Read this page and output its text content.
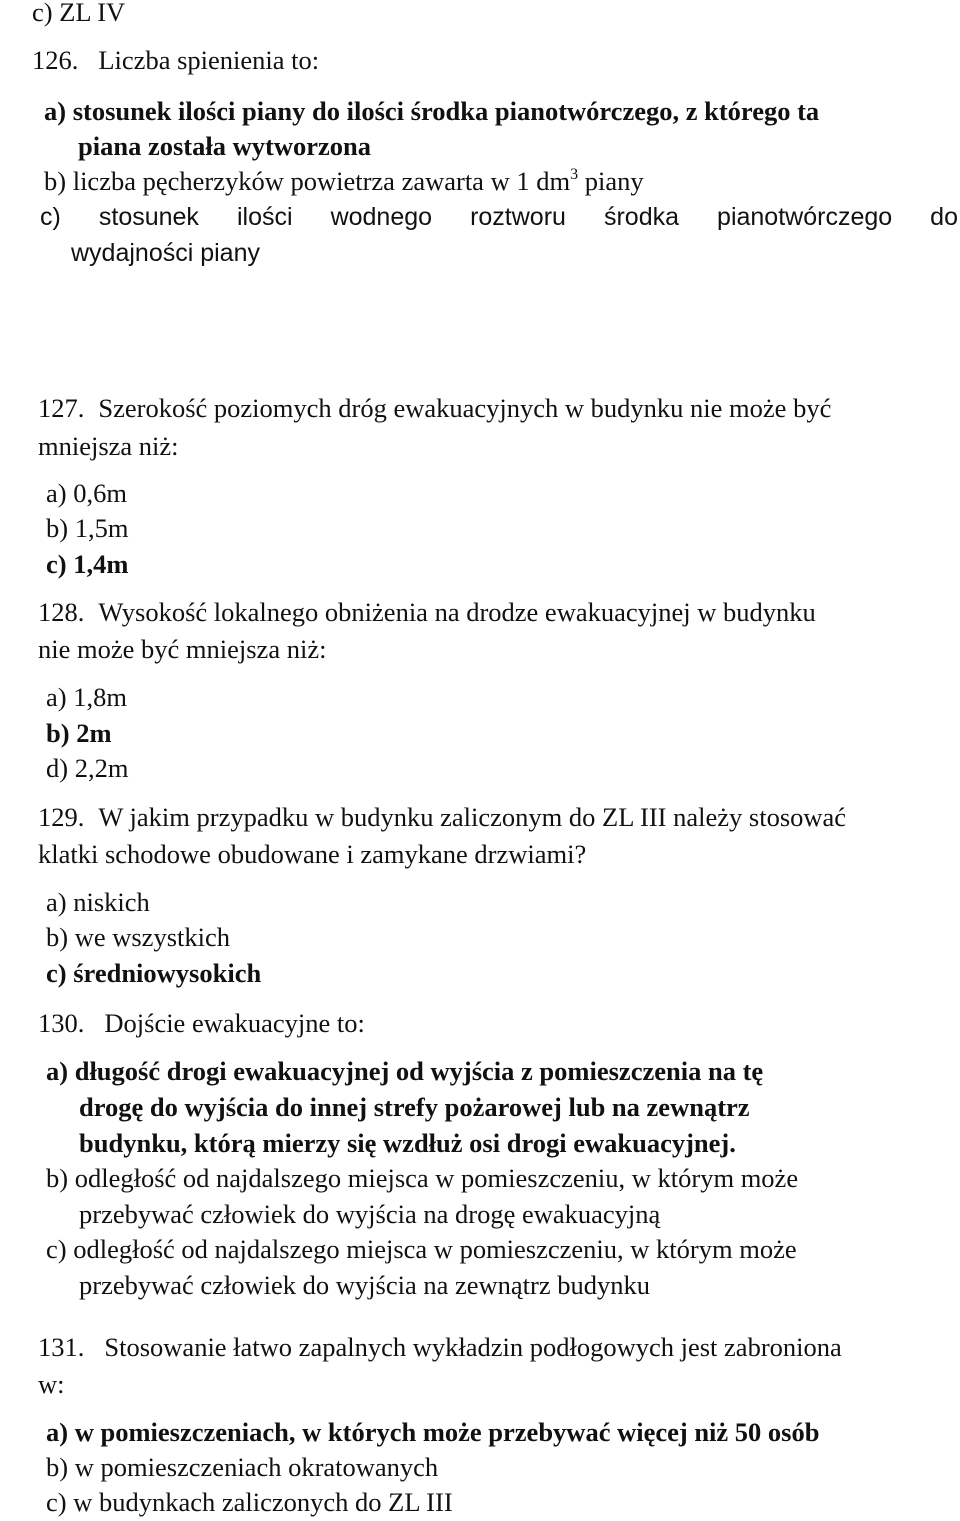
c) ZL IV
126. Liczba spienienia to:
a) stosunek ilości piany do ilości środka pianotwórczego, z którego ta
piana została wytworzona
b) liczba pęcherzyków powietrza zawarta w 1 $dm^3$ piany
c) stosunek ilości wodnego roztworu środka pianotwórczego do
wydajności piany
127. Szerokość poziomych dróg ewakuacyjnych w budynku nie może być
mniejsza niż:
a) 0,6m
b) 1,5m
c) 1,4m
128. Wysokość lokalnego obniżenia na drodze ewakuacyjnej w budynku
nie może być mniejsza niż:
a) 1,8m
b) 2m
d) 2,2m
129. W jakim przypadku w budynku zaliczonym do ZL III należy stosować
klatki schodowe obudowane i zamykane drzwiami?
a) niskich
b) we wszystkich
c) średniowysokich
130. Dojście ewakuacyjne to:
a) długość drogi ewakuacyjnej od wyjścia z pomieszczenia na tę
drogę do wyjścia do innej strefy pożarowej lub na zewnątrz
budynku, którą mierzy się wzdłuż osi drogi ewakuacyjnej.
b) odległość od najdalszego miejsca w pomieszczeniu, w którym może
przebywać człowiek do wyjścia na drogę ewakuacyjną
c) odległość od najdalszego miejsca w pomieszczeniu, w którym może
przebywać człowiek do wyjścia na zewnątrz budynku
131. Stosowanie łatwo zapalnych wykładzin podłogowych jest zabroniona
w:
a) w pomieszczeniach, w których może przebywać więcej niż 50 osób
b) w pomieszczeniach okratowanych
c) w budynkach zaliczonych do ZL III
